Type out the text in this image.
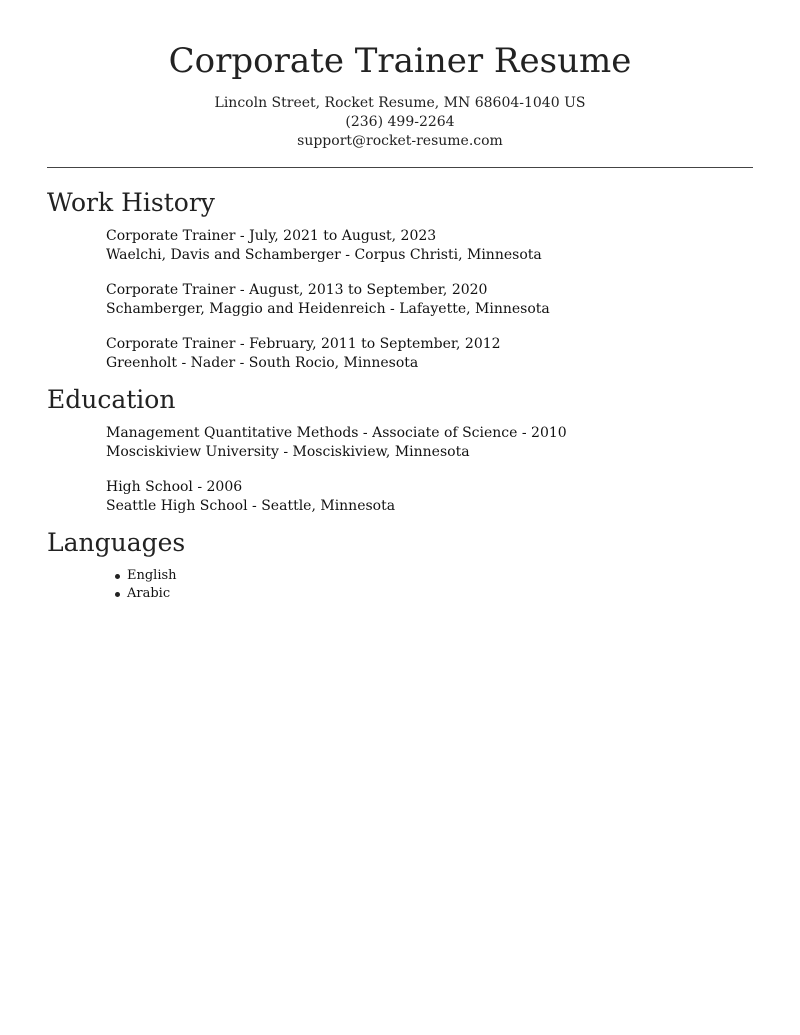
Corporate Trainer Resume
Lincoln Street, Rocket Resume, MN 68604-1040 US
(236) 499-2264
support@rocket-resume.com
Work History
Corporate Trainer - July, 2021 to August, 2023
Waelchi, Davis and Schamberger - Corpus Christi, Minnesota
Corporate Trainer - August, 2013 to September, 2020
Schamberger, Maggio and Heidenreich - Lafayette, Minnesota
Corporate Trainer - February, 2011 to September, 2012
Greenholt - Nader - South Rocio, Minnesota
Education
Management Quantitative Methods - Associate of Science - 2010
Mosciskiview University - Mosciskiview, Minnesota
High School - 2006
Seattle High School - Seattle, Minnesota
Languages
English
Arabic
